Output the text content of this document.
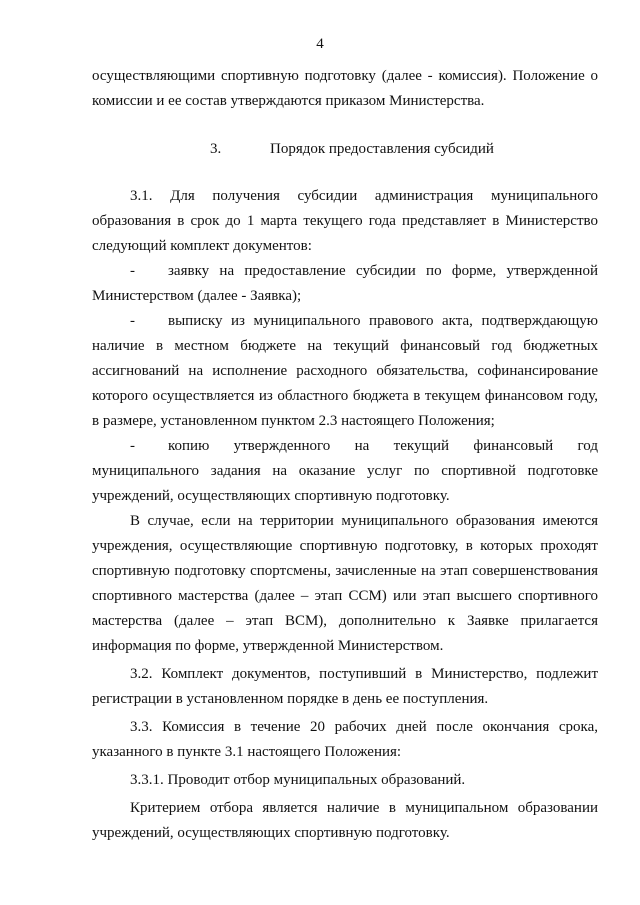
4

осуществляющими спортивную подготовку (далее - комиссия). Положение о комиссии и ее состав утверждаются приказом Министерства.

3.	Порядок предоставления субсидий

3.1. Для получения субсидии администрация муниципального образования в срок до 1 марта текущего года представляет в Министерство следующий комплект документов:

- заявку на предоставление субсидии по форме, утвержденной Министерством (далее - Заявка);

- выписку из муниципального правового акта, подтверждающую наличие в местном бюджете на текущий финансовый год бюджетных ассигнований на исполнение расходного обязательства, софинансирование которого осуществляется из областного бюджета в текущем финансовом году, в размере, установленном пунктом 2.3 настоящего Положения;

- копию утвержденного на текущий финансовый год муниципального задания на оказание услуг по спортивной подготовке учреждений, осуществляющих спортивную подготовку.

В случае, если на территории муниципального образования имеются учреждения, осуществляющие спортивную подготовку, в которых проходят спортивную подготовку спортсмены, зачисленные на этап совершенствования спортивного мастерства (далее – этап ССМ) или этап высшего спортивного мастерства (далее – этап ВСМ), дополнительно к Заявке прилагается информация по форме, утвержденной Министерством.

3.2. Комплект документов, поступивший в Министерство, подлежит регистрации в установленном порядке в день ее поступления.

3.3. Комиссия в течение 20 рабочих дней после окончания срока, указанного в пункте 3.1 настоящего Положения:

3.3.1. Проводит отбор муниципальных образований.

Критерием отбора является наличие в муниципальном образовании учреждений, осуществляющих спортивную подготовку.
